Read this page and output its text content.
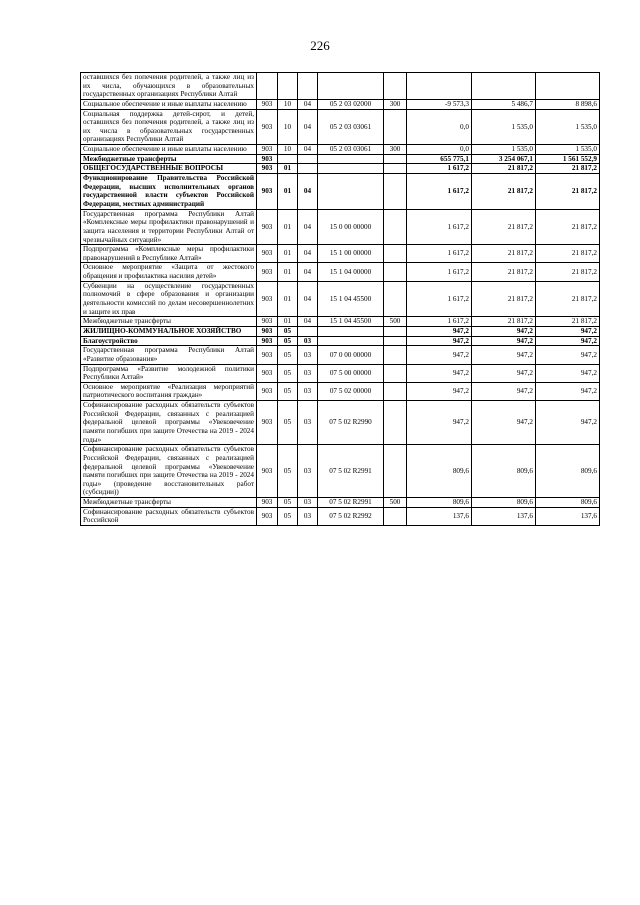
226
оставшихся без попечения родителей, а также лиц из их числа, обучающихся в образовательных государственных организациях Республики Алтай								
Социальное обеспечение и иные выплаты населению	903	10	04	05 2 03 02000	300	-9 573,3	5 486,7	8 898,6
Социальная поддержка детей-сирот, и детей, оставшихся без попечения родителей, а также лиц из их числа в образовательных государственных организациях Республики Алтай	903	10	04	05 2 03 03061		0,0	1 535,0	1 535,0
Социальное обеспечение и иные выплаты населению	903	10	04	05 2 03 03061	300	0,0	1 535,0	1 535,0
Межбюджетные трансферты	903					655 775,1	3 254 067,1	1 561 552,9
ОБЩЕГОСУДАРСТВЕННЫЕ ВОПРОСЫ	903	01				1 617,2	21 817,2	21 817,2
Функционирование Правительства Российской Федерации, высших исполнительных органов государственной власти субъектов Российской Федерации, местных администраций	903	01	04			1 617,2	21 817,2	21 817,2
Государственная программа Республики Алтай «Комплексные меры профилактики правонарушений и защита населения и территории Республики Алтай от чрезвычайных ситуаций»	903	01	04	15 0 00 00000		1 617,2	21 817,2	21 817,2
Подпрограмма «Комплексные меры профилактики правонарушений в Республике Алтай»	903	01	04	15 1 00 00000		1 617,2	21 817,2	21 817,2
Основное мероприятие «Защита от жестокого обращения и профилактика насилия детей»	903	01	04	15 1 04 00000		1 617,2	21 817,2	21 817,2
Субвенции на осуществление государственных полномочий в сфере образования и организации деятельности комиссий по делам несовершеннолетних и защите их прав	903	01	04	15 1 04 45500		1 617,2	21 817,2	21 817,2
Межбюджетные трансферты	903	01	04	15 1 04 45500	500	1 617,2	21 817,2	21 817,2
ЖИЛИЩНО-КОММУНАЛЬНОЕ ХОЗЯЙСТВО	903	05				947,2	947,2	947,2
Благоустройство	903	05	03			947,2	947,2	947,2
Государственная программа Республики Алтай «Развитие образования»	903	05	03	07 0 00 00000		947,2	947,2	947,2
Подпрограмма «Развитие молодежной политики Республики Алтай»	903	05	03	07 5 00 00000		947,2	947,2	947,2
Основное мероприятие «Реализация мероприятий патриотического воспитания граждан»	903	05	03	07 5 02 00000		947,2	947,2	947,2
Софинансирование расходных обязательств субъектов Российской Федерации, связанных с реализацией федеральной целевой программы «Увековечение памяти погибших при защите Отечества на 2019 - 2024 годы»	903	05	03	07 5 02 R2990		947,2	947,2	947,2
Софинансирование расходных обязательств субъектов Российской Федерации, связанных с реализацией федеральной целевой программы «Увековечение памяти погибших при защите Отечества на 2019 - 2024 годы» (проведение восстановительных работ (субсидии))	903	05	03	07 5 02 R2991		809,6	809,6	809,6
Межбюджетные трансферты	903	05	03	07 5 02 R2991	500	809,6	809,6	809,6
Софинансирование расходных обязательств субъектов Российской	903	05	03	07 5 02 R2992		137,6	137,6	137,6
